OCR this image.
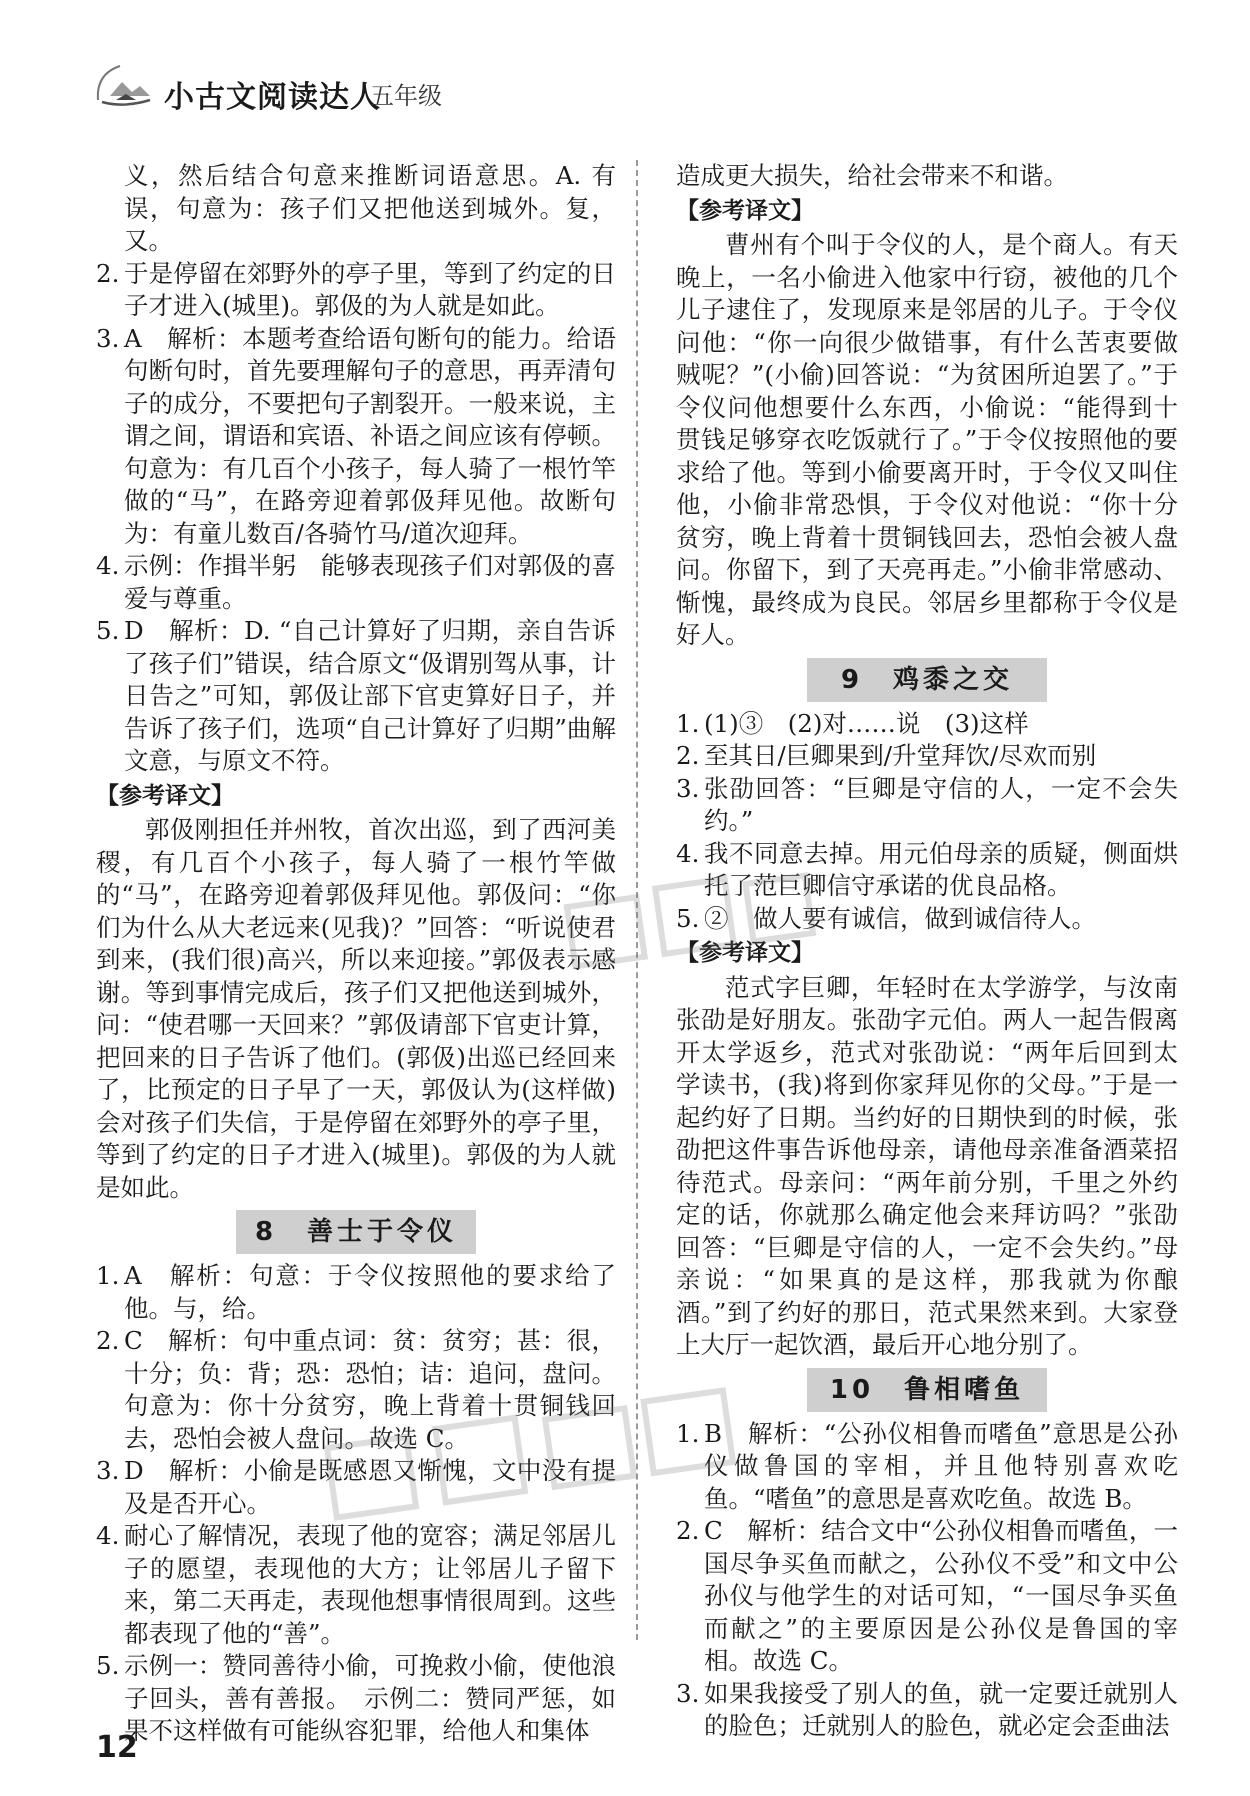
小古文阅读达人
五年级

义，然后结合句意来推断词语意思。A. 有误，句意为：孩子们又把他送到城外。复，又。

2. 于是停留在郊野外的亭子里，等到了约定的日子才进入(城里)。郭伋的为人就是如此。
3. A　解析：本题考查给语句断句的能力。给语句断句时，首先要理解句子的意思，再弄清句子的成分，不要把句子割裂开。一般来说，主谓之间，谓语和宾语、补语之间应该有停顿。句意为：有几百个小孩子，每人骑了一根竹竿做的“马”，在路旁迎着郭伋拜见他。故断句为：有童儿数百/各骑竹马/道次迎拜。
4. 示例：作揖半躬　能够表现孩子们对郭伋的喜爱与尊重。
5. D　解析：D. “自己计算好了归期，亲自告诉了孩子们”错误，结合原文“伋谓别驾从事，计日告之”可知，郭伋让部下官吏算好日子，并告诉了孩子们，选项“自己计算好了归期”曲解文意，与原文不符。
【参考译文】

郭伋刚担任并州牧，首次出巡，到了西河美稷，有几百个小孩子，每人骑了一根竹竿做的“马”，在路旁迎着郭伋拜见他。郭伋问：“你们为什么从大老远来(见我)？”回答：“听说使君到来，(我们很)高兴，所以来迎接。”郭伋表示感谢。等到事情完成后，孩子们又把他送到城外，问：“使君哪一天回来？”郭伋请部下官吏计算，把回来的日子告诉了他们。(郭伋)出巡已经回来了，比预定的日子早了一天，郭伋认为(这样做)会对孩子们失信，于是停留在郊野外的亭子里，等到了约定的日子才进入(城里)。郭伋的为人就是如此。

8　善士于令仪
1. A　解析：句意：于令仪按照他的要求给了他。与，给。
2. C　解析：句中重点词：贫：贫穷；甚：很，十分；负：背；恐：恐怕；诘：追问，盘问。句意为：你十分贫穷，晚上背着十贯铜钱回去，恐怕会被人盘问。故选 C。
3. D　解析：小偷是既感恩又惭愧，文中没有提及是否开心。
4. 耐心了解情况，表现了他的宽容；满足邻居儿子的愿望，表现他的大方；让邻居儿子留下来，第二天再走，表现他想事情很周到。这些都表现了他的“善”。
5. 示例一：赞同善待小偷，可挽救小偷，使他浪子回头，善有善报。　示例二：赞同严惩，如果不这样做有可能纵容犯罪，给他人和集体

造成更大损失，给社会带来不和谐。

【参考译文】

曹州有个叫于令仪的人，是个商人。有天晚上，一名小偷进入他家中行窃，被他的几个儿子逮住了，发现原来是邻居的儿子。于令仪问他：“你一向很少做错事，有什么苦衷要做贼呢？”(小偷)回答说：“为贫困所迫罢了。”于令仪问他想要什么东西，小偷说：“能得到十贯钱足够穿衣吃饭就行了。”于令仪按照他的要求给了他。等到小偷要离开时，于令仪又叫住他，小偷非常恐惧，于令仪对他说：“你十分贫穷，晚上背着十贯铜钱回去，恐怕会被人盘问。你留下，到了天亮再走。”小偷非常感动、惭愧，最终成为良民。邻居乡里都称于令仪是好人。

9　鸡黍之交
1. (1)③　(2)对……说　(3)这样
2. 至其日/巨卿果到/升堂拜饮/尽欢而别
3. 张劭回答：“巨卿是守信的人，一定不会失约。”
4. 我不同意去掉。用元伯母亲的质疑，侧面烘托了范巨卿信守承诺的优良品格。
5. ②　做人要有诚信，做到诚信待人。
【参考译文】

范式字巨卿，年轻时在太学游学，与汝南张劭是好朋友。张劭字元伯。两人一起告假离开太学返乡，范式对张劭说：“两年后回到太学读书，(我)将到你家拜见你的父母。”于是一起约好了日期。当约好的日期快到的时候，张劭把这件事告诉他母亲，请他母亲准备酒菜招待范式。母亲问：“两年前分别，千里之外约定的话，你就那么确定他会来拜访吗？”张劭回答：“巨卿是守信的人，一定不会失约。”母亲说：“如果真的是这样，那我就为你酿酒。”到了约好的那日，范式果然来到。大家登上大厅一起饮酒，最后开心地分别了。

10　鲁相嗜鱼
1. B　解析：“公孙仪相鲁而嗜鱼”意思是公孙仪做鲁国的宰相，并且他特别喜欢吃鱼。“嗜鱼”的意思是喜欢吃鱼。故选 B。
2. C　解析：结合文中“公孙仪相鲁而嗜鱼，一国尽争买鱼而献之，公孙仪不受”和文中公孙仪与他学生的对话可知，“一国尽争买鱼而献之”的主要原因是公孙仪是鲁国的宰相。故选 C。
3. 如果我接受了别人的鱼，就一定要迁就别人的脸色；迁就别人的脸色，就必定会歪曲法
12
